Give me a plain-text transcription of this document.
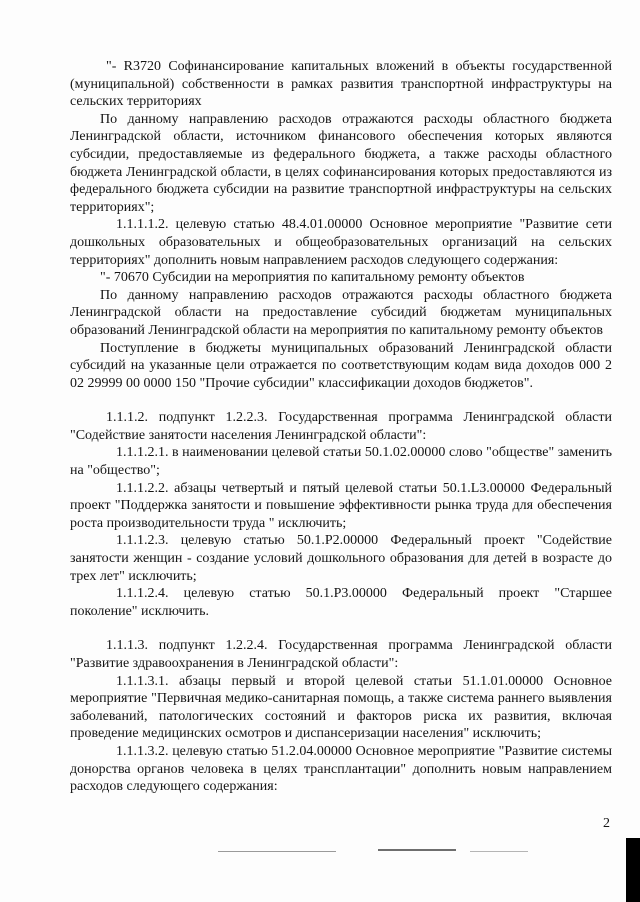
"- R3720 Софинансирование капитальных вложений в объекты государственной (муниципальной) собственности в рамках развития транспортной инфраструктуры на сельских территориях

По данному направлению расходов отражаются расходы областного бюджета Ленинградской области, источником финансового обеспечения которых являются субсидии, предоставляемые из федерального бюджета, а также расходы областного бюджета Ленинградской области, в целях софинансирования которых предоставляются из федерального бюджета субсидии на развитие транспортной инфраструктуры на сельских территориях";

1.1.1.1.2. целевую статью 48.4.01.00000 Основное мероприятие "Развитие сети дошкольных образовательных и общеобразовательных организаций на сельских территориях" дополнить новым направлением расходов следующего содержания:

"- 70670 Субсидии на мероприятия по капитальному ремонту объектов

По данному направлению расходов отражаются расходы областного бюджета Ленинградской области на предоставление субсидий бюджетам муниципальных образований Ленинградской области на мероприятия по капитальному ремонту объектов

Поступление в бюджеты муниципальных образований Ленинградской области субсидий на указанные цели отражается по соответствующим кодам вида доходов 000 2 02 29999 00 0000 150 "Прочие субсидии" классификации доходов бюджетов".

1.1.1.2. подпункт 1.2.2.3. Государственная программа Ленинградской области "Содействие занятости населения Ленинградской области":

1.1.1.2.1. в наименовании целевой статьи 50.1.02.00000 слово "обществе" заменить на "общество";

1.1.1.2.2. абзацы четвертый и пятый целевой статьи 50.1.L3.00000 Федеральный проект "Поддержка занятости и повышение эффективности рынка труда для обеспечения роста производительности труда " исключить;

1.1.1.2.3. целевую статью 50.1.P2.00000 Федеральный проект "Содействие занятости женщин - создание условий дошкольного образования для детей в возрасте до трех лет" исключить;

1.1.1.2.4. целевую статью 50.1.P3.00000 Федеральный проект "Старшее поколение" исключить.

1.1.1.3. подпункт 1.2.2.4. Государственная программа Ленинградской области "Развитие здравоохранения в Ленинградской области":

1.1.1.3.1. абзацы первый и второй целевой статьи 51.1.01.00000 Основное мероприятие "Первичная медико-санитарная помощь, а также система раннего выявления заболеваний, патологических состояний и факторов риска их развития, включая проведение медицинских осмотров и диспансеризации населения" исключить;

1.1.1.3.2. целевую статью 51.2.04.00000 Основное мероприятие "Развитие системы донорства органов человека в целях трансплантации" дополнить новым направлением расходов следующего содержания:

2
